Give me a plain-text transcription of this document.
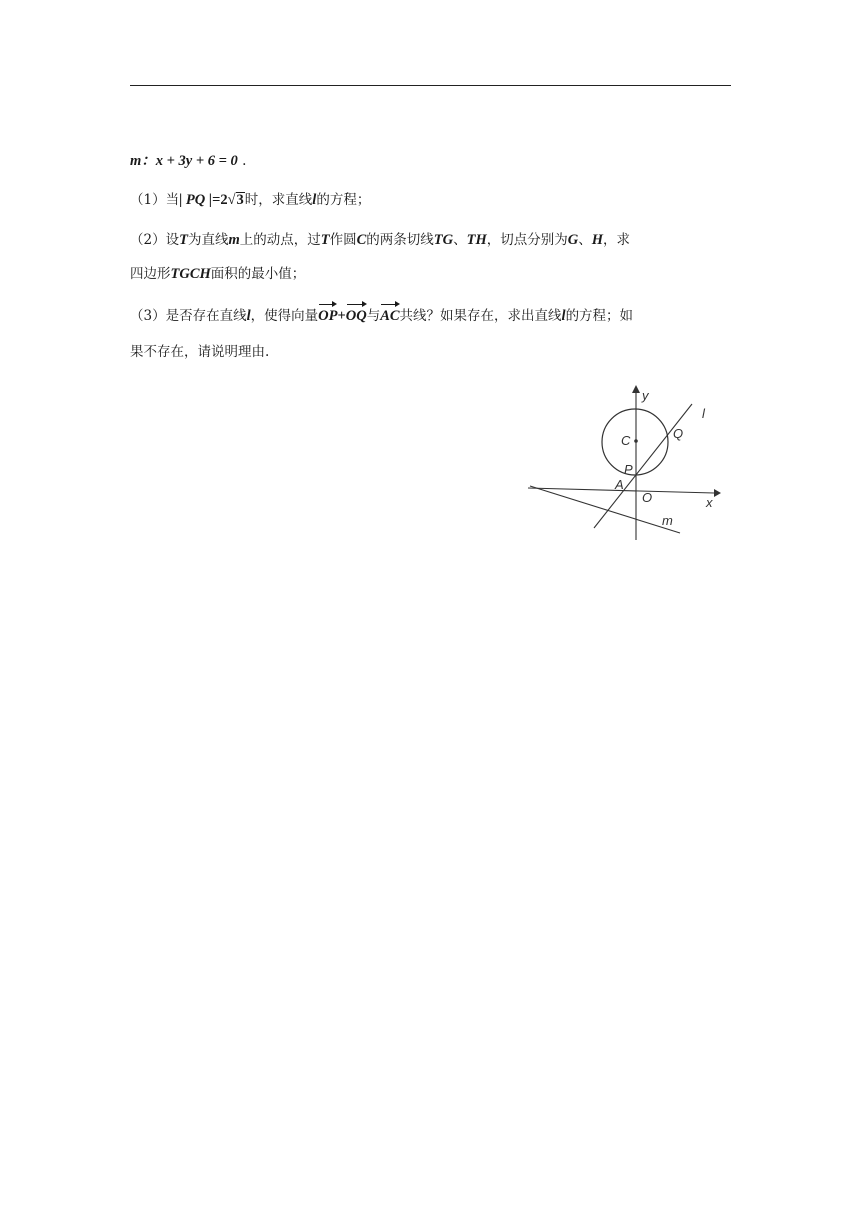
m：x + 3y + 6 = 0 .
（1）当| PQ |=2√3时，求直线l的方程；
（2）设T为直线m上的动点，过T作圆C的两条切线TG、TH，切点分别为G、H，求
四边形TGCH面积的最小值；
（3）是否存在直线l，使得向量OP+OQ与AC共线？如果存在，求出直线l的方程；如
果不存在，请说明理由.
y
x
C	Q
P
A
O
l
m
